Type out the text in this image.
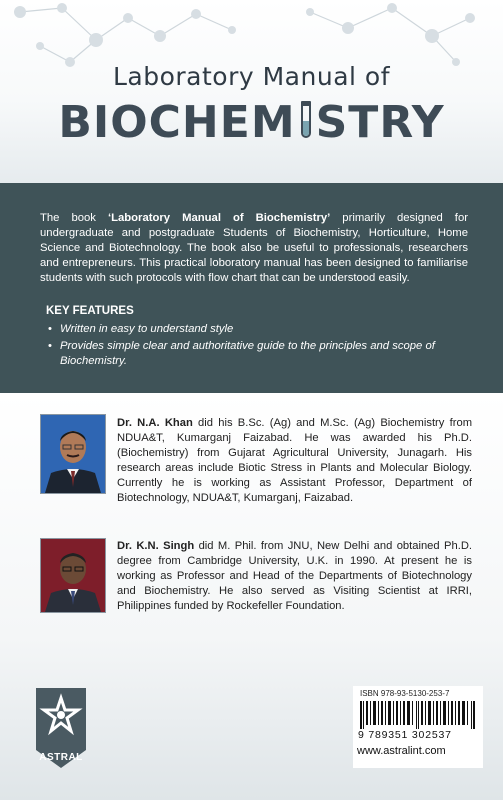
Laboratory Manual of
BIOCHEM STRY
The book ‘Laboratory Manual of Biochemistry’ primarily designed for undergraduate and postgraduate Students of Biochemistry, Horticulture, Home Science and Biotechnology. The book also be useful to professionals, researchers and entrepreneurs. This practical loboratory manual has been designed to familiarise students with such protocols with flow chart that can be understood easily.
KEY FEATURES
• Written in easy to understand style
• Provides simple clear and authoritative guide to the principles and scope of Biochemistry.
Dr. N.A. Khan did his B.Sc. (Ag) and M.Sc. (Ag) Biochemistry from NDUA&T, Kumarganj Faizabad. He was awarded his Ph.D. (Biochemistry) from Gujarat Agricultural University, Junagarh. His research areas include Biotic Stress in Plants and Molecular Biology. Currently he is working as Assistant Professor, Department of Biotechnology, NDUA&T, Kumarganj, Faizabad.
Dr. K.N. Singh did M. Phil. from JNU, New Delhi and obtained Ph.D. degree from Cambridge University, U.K. in 1990. At present he is working as Professor and Head of the Departments of Biotechnology and Biochemistry. He also served as Visiting Scientist at IRRI, Philippines funded by Rockefeller Foundation.
ASTRAL
ISBN 978-93-5130-253-7
9 789351 302537
www.astralint.com
